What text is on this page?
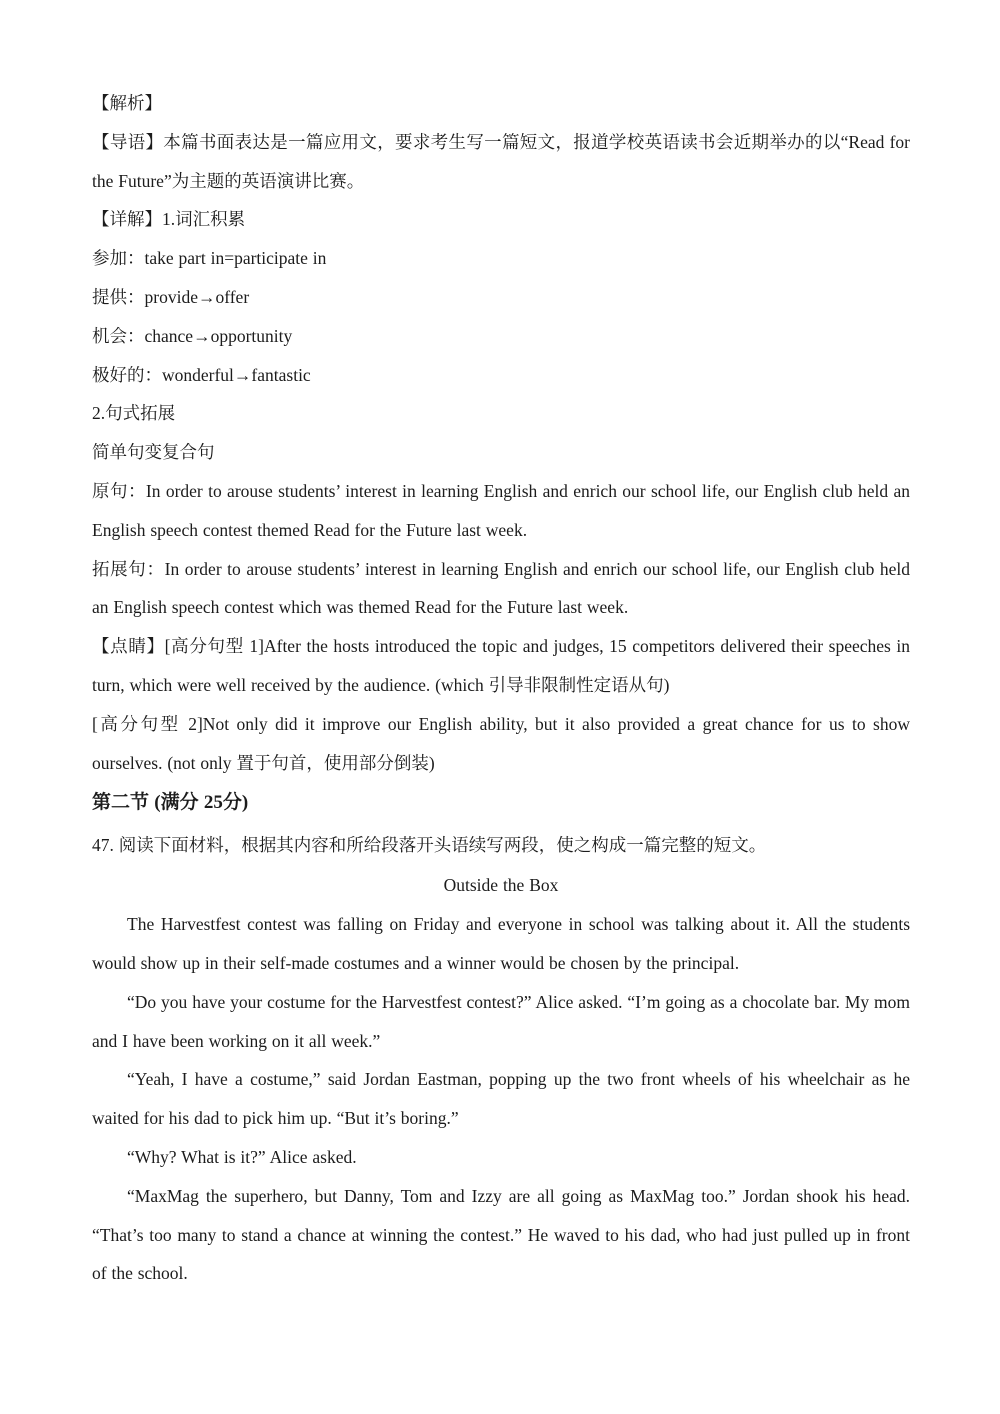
【解析】

【导语】本篇书面表达是一篇应用文，要求考生写一篇短文，报道学校英语读书会近期举办的以“Read for the Future”为主题的英语演讲比赛。

【详解】1.词汇积累

参加：take part in=participate in

提供：provide→offer

机会：chance→opportunity

极好的：wonderful→fantastic

2.句式拓展

简单句变复合句

原句：In order to arouse students’ interest in learning English and enrich our school life, our English club held an English speech contest themed Read for the Future last week.

拓展句：In order to arouse students’ interest in learning English and enrich our school life, our English club held an English speech contest which was themed Read for the Future last week.

【点睛】[高分句型 1]After the hosts introduced the topic and judges, 15 competitors delivered their speeches in turn, which were well received by the audience. (which 引导非限制性定语从句)

[高分句型 2]Not only did it improve our English ability, but it also provided a great chance for us to show ourselves. (not only 置于句首，使用部分倒装)

第二节 (满分 25分)

47. 阅读下面材料，根据其内容和所给段落开头语续写两段，使之构成一篇完整的短文。

Outside the Box

The Harvestfest contest was falling on Friday and everyone in school was talking about it. All the students would show up in their self-made costumes and a winner would be chosen by the principal.

“Do you have your costume for the Harvestfest contest?” Alice asked. “I’m going as a chocolate bar. My mom and I have been working on it all week.”

“Yeah, I have a costume,” said Jordan Eastman, popping up the two front wheels of his wheelchair as he waited for his dad to pick him up. “But it’s boring.”

“Why? What is it?” Alice asked.

“MaxMag the superhero, but Danny, Tom and Izzy are all going as MaxMag too.” Jordan shook his head. “That’s too many to stand a chance at winning the contest.” He waved to his dad, who had just pulled up in front of the school.
